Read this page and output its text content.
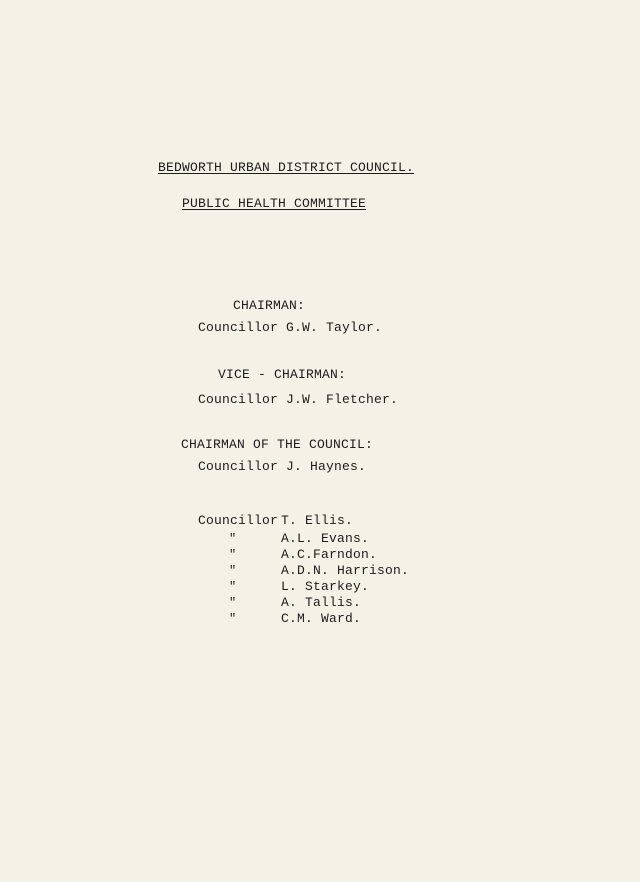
BEDWORTH URBAN DISTRICT COUNCIL.
PUBLIC HEALTH COMMITTEE
CHAIRMAN:
Councillor G.W. Taylor.
VICE - CHAIRMAN:
Councillor J.W. Fletcher.
CHAIRMAN OF THE COUNCIL:
Councillor J. Haynes.
Councillor T. Ellis.
"	A.L. Evans.
"	A.C.Farndon.
"	A.D.N. Harrison.
"	L. Starkey.
"	A. Tallis.
"	C.M. Ward.
